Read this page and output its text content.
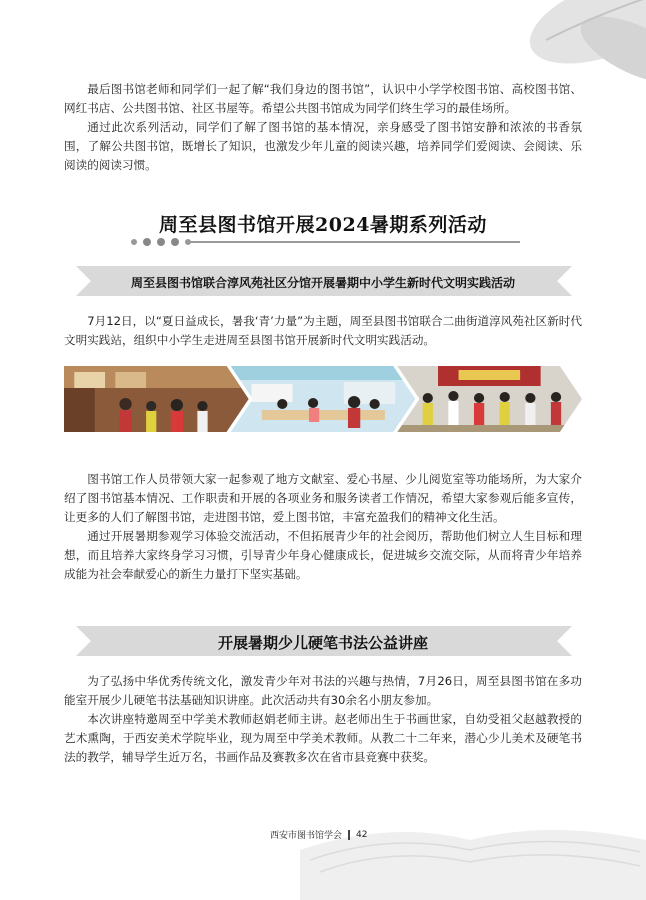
最后图书馆老师和同学们一起了解“我们身边的图书馆”，认识中小学学校图书馆、高校图书馆、网红书店、公共图书馆、社区书屋等。希望公共图书馆成为同学们终生学习的最佳场所。

通过此次系列活动，同学们了解了图书馆的基本情况，亲身感受了图书馆安静和浓浓的书香氛围，了解公共图书馆，既增长了知识，也激发少年儿童的阅读兴趣，培养同学们爱阅读、会阅读、乐阅读的阅读习惯。

周至县图书馆开展2024暑期系列活动
周至县图书馆联合淳风苑社区分馆开展暑期中小学生新时代文明实践活动

7月12日，以“夏日益成长，暑我‘青’力量”为主题，周至县图书馆联合二曲街道淳风苑社区新时代文明实践站，组织中小学生走进周至县图书馆开展新时代文明实践活动。

图书馆工作人员带领大家一起参观了地方文献室、爱心书屋、少儿阅览室等功能场所，为大家介绍了图书馆基本情况、工作职责和开展的各项业务和服务读者工作情况，希望大家参观后能多宣传，让更多的人们了解图书馆，走进图书馆，爱上图书馆，丰富充盈我们的精神文化生活。

通过开展暑期参观学习体验交流活动，不但拓展青少年的社会阅历，帮助他们树立人生目标和理想，而且培养大家终身学习习惯，引导青少年身心健康成长，促进城乡交流交际，从而将青少年培养成能为社会奉献爱心的新生力量打下坚实基础。

开展暑期少儿硬笔书法公益讲座

为了弘扬中华优秀传统文化，激发青少年对书法的兴趣与热情，7月26日，周至县图书馆在多功能室开展少儿硬笔书法基础知识讲座。此次活动共有30余名小朋友参加。

本次讲座特邀周至中学美术教师赵娟老师主讲。赵老师出生于书画世家，自幼受祖父赵越教授的艺术熏陶，于西安美术学院毕业，现为周至中学美术教师。从教二十二年来，潜心少儿美术及硬笔书法的教学，辅导学生近万名，书画作品及赛教多次在省市县竞赛中获奖。

西安市图书馆学会 42
